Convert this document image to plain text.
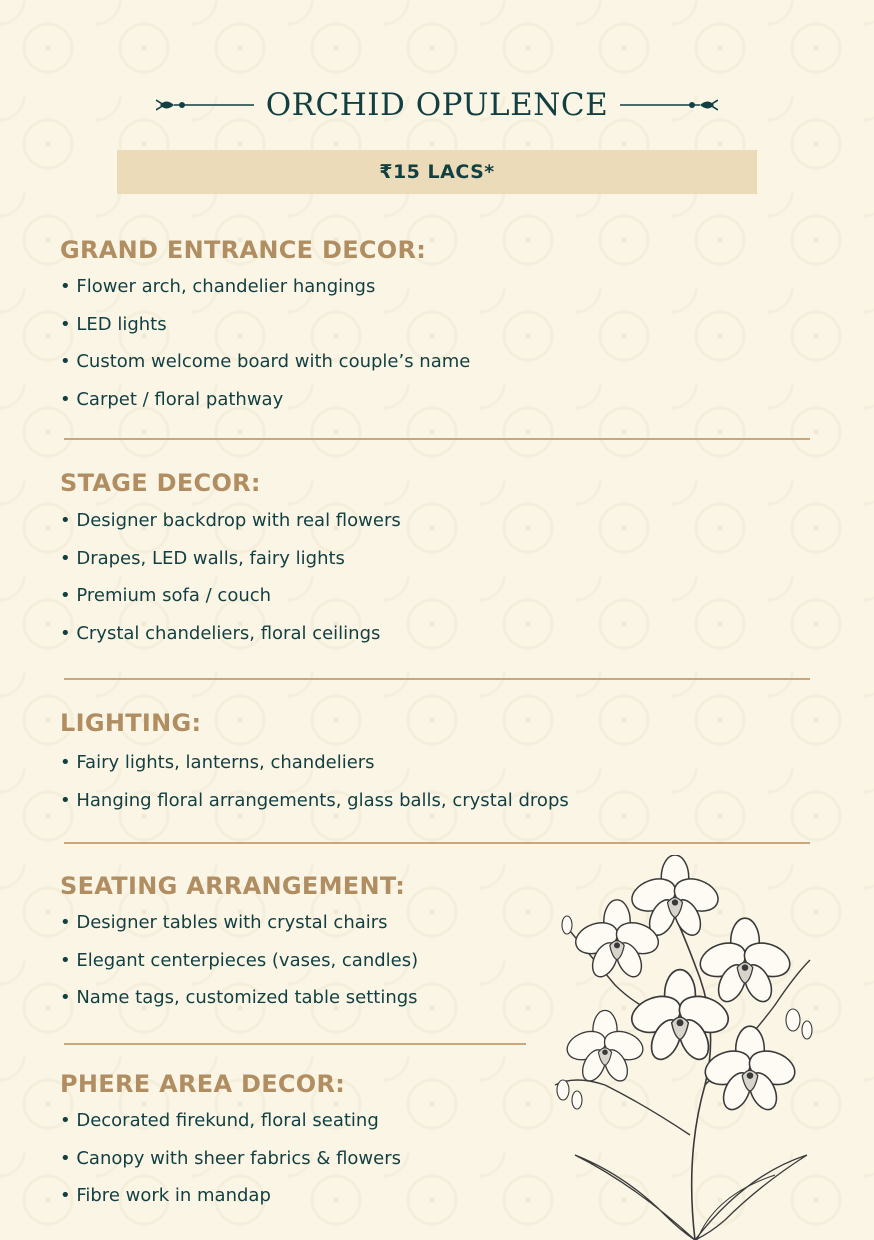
ORCHID OPULENCE
₹15 LACS*
GRAND ENTRANCE DECOR:
• Flower arch, chandelier hangings
• LED lights
• Custom welcome board with couple’s name
• Carpet / floral pathway
STAGE DECOR:
• Designer backdrop with real flowers
• Drapes, LED walls, fairy lights
• Premium sofa / couch
• Crystal chandeliers, floral ceilings
LIGHTING:
• Fairy lights, lanterns, chandeliers
• Hanging floral arrangements, glass balls, crystal drops
SEATING ARRANGEMENT:
• Designer tables with crystal chairs
• Elegant centerpieces (vases, candles)
• Name tags, customized table settings
PHERE AREA DECOR:
• Decorated firekund, floral seating
• Canopy with sheer fabrics & flowers
• Fibre work in mandap
